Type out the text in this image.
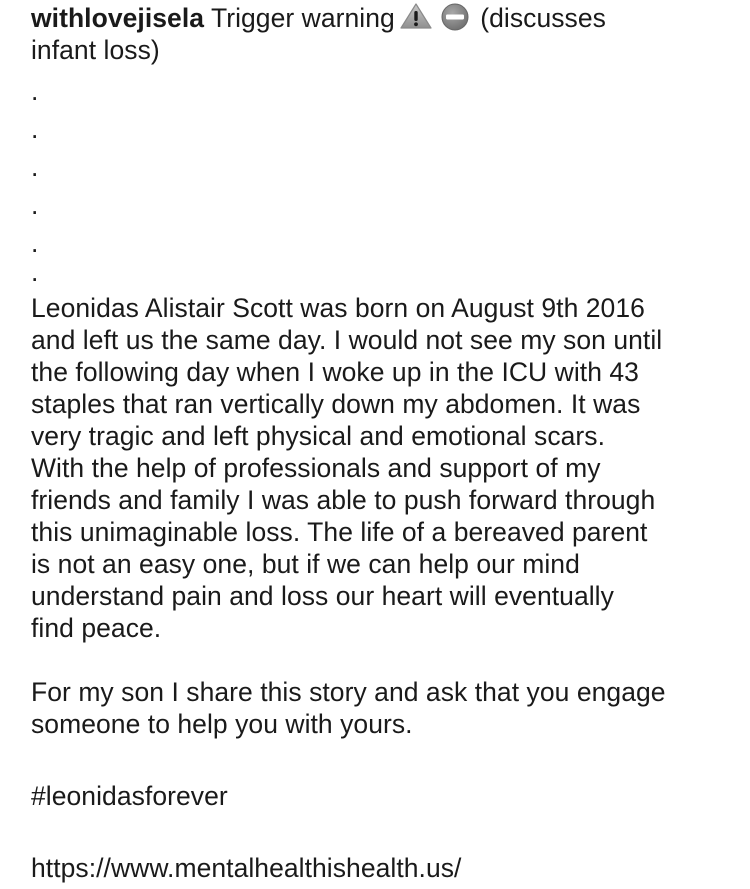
withlovejisela Trigger warning	(discusses
infant loss)
.
.
.
.
.
.
Leonidas Alistair Scott was born on August 9th 2016
and left us the same day. I would not see my son until
the following day when I woke up in the ICU with 43
staples that ran vertically down my abdomen. It was
very tragic and left physical and emotional scars.
With the help of professionals and support of my
friends and family I was able to push forward through
this unimaginable loss. The life of a bereaved parent
is not an easy one, but if we can help our mind
understand pain and loss our heart will eventually
find peace.
For my son I share this story and ask that you engage
someone to help you with yours.
#leonidasforever
https://www.mentalhealthishealth.us/
